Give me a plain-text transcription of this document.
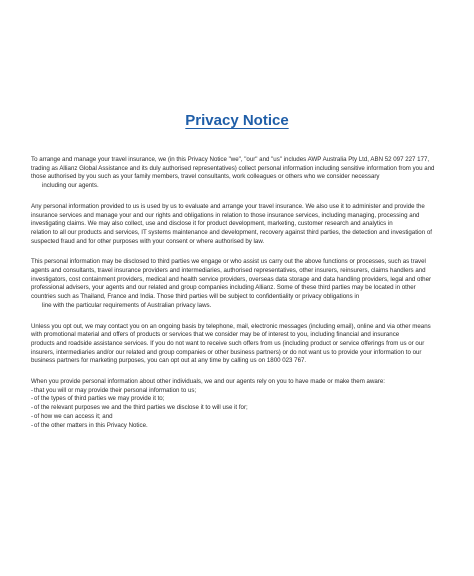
Privacy Notice
To arrange and manage your travel insurance, we (in this Privacy Notice "we", "our" and "us" includes AWP Australia Pty Ltd, ABN 52 097 227 177,
trading as Allianz Global Assistance and its duly authorised representatives) collect personal information including sensitive information from you and
those authorised by you such as your family members, travel consultants, work colleagues or others who we consider necessary
including our agents.
Any personal information provided to us is used by us to evaluate and arrange your travel insurance. We also use it to administer and provide the
insurance services and manage your and our rights and obligations in relation to those insurance services, including managing, processing and
investigating claims. We may also collect, use and disclose it for product development, marketing, customer research and analytics in
relation to all our products and services, IT systems maintenance and development, recovery against third parties, the detection and investigation of
suspected fraud and for other purposes with your consent or where authorised by law.
This personal information may be disclosed to third parties we engage or who assist us carry out the above functions or processes, such as travel
agents and consultants, travel insurance providers and intermediaries, authorised representatives, other insurers, reinsurers, claims handlers and
investigators, cost containment providers, medical and health service providers, overseas data storage and data handling providers, legal and other
professional advisers, your agents and our related and group companies including Allianz. Some of these third parties may be located in other
countries such as Thailand, France and India. Those third parties will be subject to confidentiality or privacy obligations in
line with the particular requirements of Australian privacy laws.
Unless you opt out, we may contact you on an ongoing basis by telephone, mail, electronic messages (including email), online and via other means
with promotional material and offers of products or services that we consider may be of interest to you, including financial and insurance
products and roadside assistance services. If you do not want to receive such offers from us (including product or service offerings from us or our
insurers, intermediaries and/or our related and group companies or other business partners) or do not want us to provide your information to our
business partners for marketing purposes, you can opt out at any time by calling us on 1800 023 767.
When you provide personal information about other individuals, we and our agents rely on you to have made or make them aware:
-that you will or may provide their personal information to us;
-of the types of third parties we may provide it to;
-of the relevant purposes we and the third parties we disclose it to will use it for;
-of how we can access it; and
-of the other matters in this Privacy Notice.
